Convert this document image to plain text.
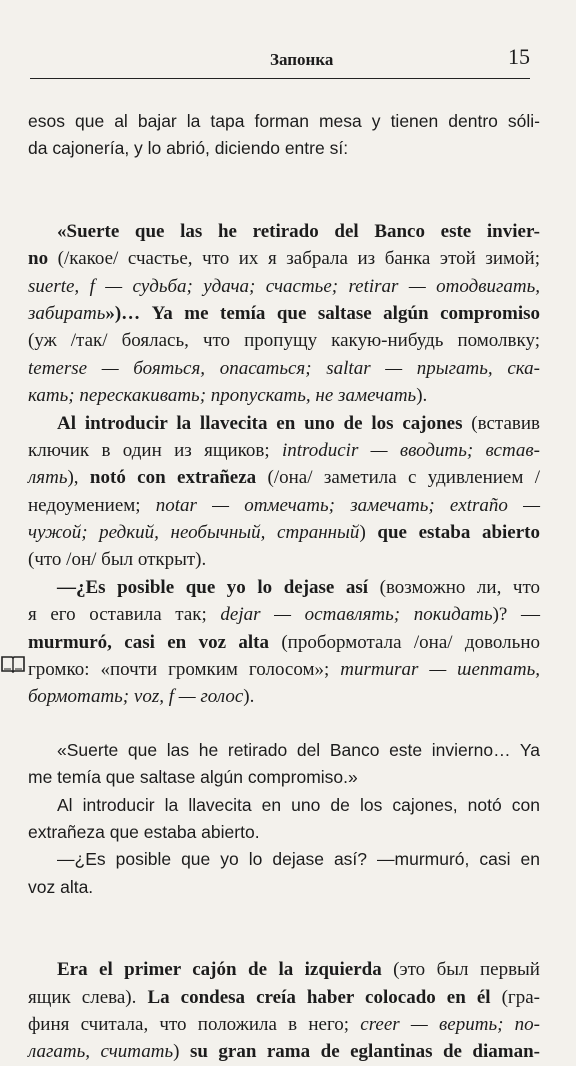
Запонка	15
esos que al bajar la tapa forman mesa y tienen dentro sóli-
da cajonería, y lo abrió, diciendo entre sí:
«Suerte que las he retirado del Banco este invier-
no (/какое/ счастье, что их я забрала из банка этой зимой;
suerte, f — судьба; удача; счастье; retirar — отодвигать,
забирать»)… Ya me temía que saltase algún compromiso
(уж /так/ боялась, что пропущу какую-нибудь помолвку;
temerse — бояться, опасаться; saltar — прыгать, ска-
кать; перескакивать; пропускать, не замечать).
Al introducir la llavecita en uno de los cajones (вставив
ключик в один из ящиков; introducir — вводить; встав-
лять), notó con extrañeza (/она/ заметила с удивлением /
недоумением; notar — отмечать; замечать; extraño —
чужой; редкий, необычный, странный) que estaba abierto
(что /он/ был открыт).
—¿Es posible que yo lo dejase así (возможно ли, что
я его оставила так; dejar — оставлять; покидать)? —
murmuró, casi en voz alta (пробормотала /она/ довольно
громко: «почти громким голосом»; murmurar — шептать,
бормотать; voz, f — голос).
«Suerte que las he retirado del Banco este invierno… Ya
me temía que saltase algún compromiso.»
Al introducir la llavecita en uno de los cajones, notó con
extrañeza que estaba abierto.
—¿Es posible que yo lo dejase así? —murmuró, casi en
voz alta.
Era el primer cajón de la izquierda (это был первый
ящик слева). La condesa creía haber colocado en él (гра-
финя считала, что положила в него; creer — верить; по-
лагать, считать) su gran rama de eglantinas de diaman-
